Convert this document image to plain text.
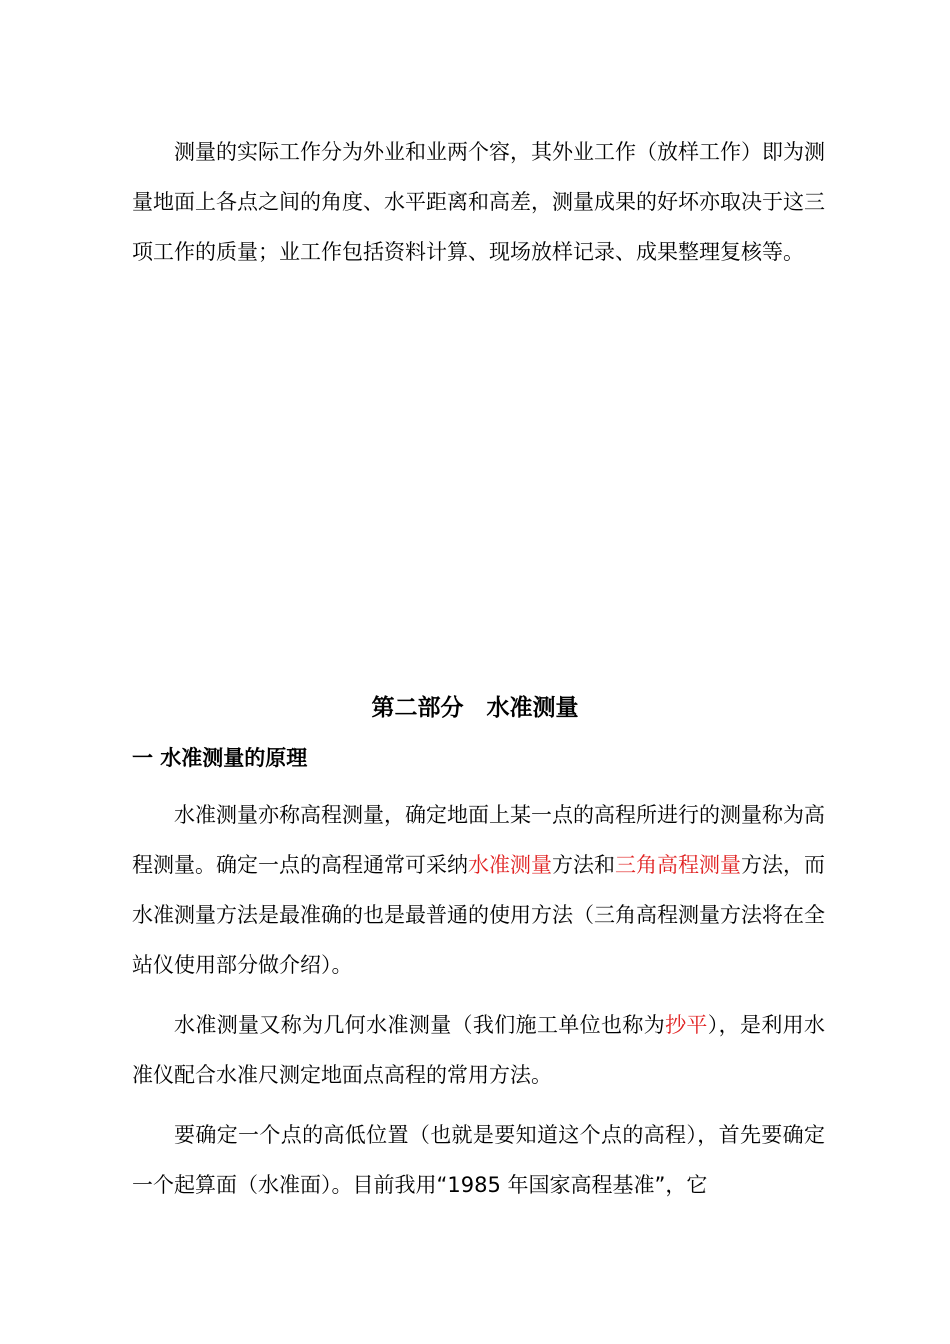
测量的实际工作分为外业和业两个容，其外业工作（放样工作）即为测量地面上各点之间的角度、水平距离和高差，测量成果的好坏亦取决于这三项工作的质量；业工作包括资料计算、现场放样记录、成果整理复核等。

第二部分　水准测量
一 水准测量的原理

水准测量亦称高程测量，确定地面上某一点的高程所进行的测量称为高程测量。确定一点的高程通常可采纳水准测量方法和三角高程测量方法，而水准测量方法是最准确的也是最普通的使用方法（三角高程测量方法将在全站仪使用部分做介绍）。

水准测量又称为几何水准测量（我们施工单位也称为抄平），是利用水准仪配合水准尺测定地面点高程的常用方法。

要确定一个点的高低位置（也就是要知道这个点的高程），首先要确定一个起算面（水准面）。目前我用“1985 年国家高程基准”，它
